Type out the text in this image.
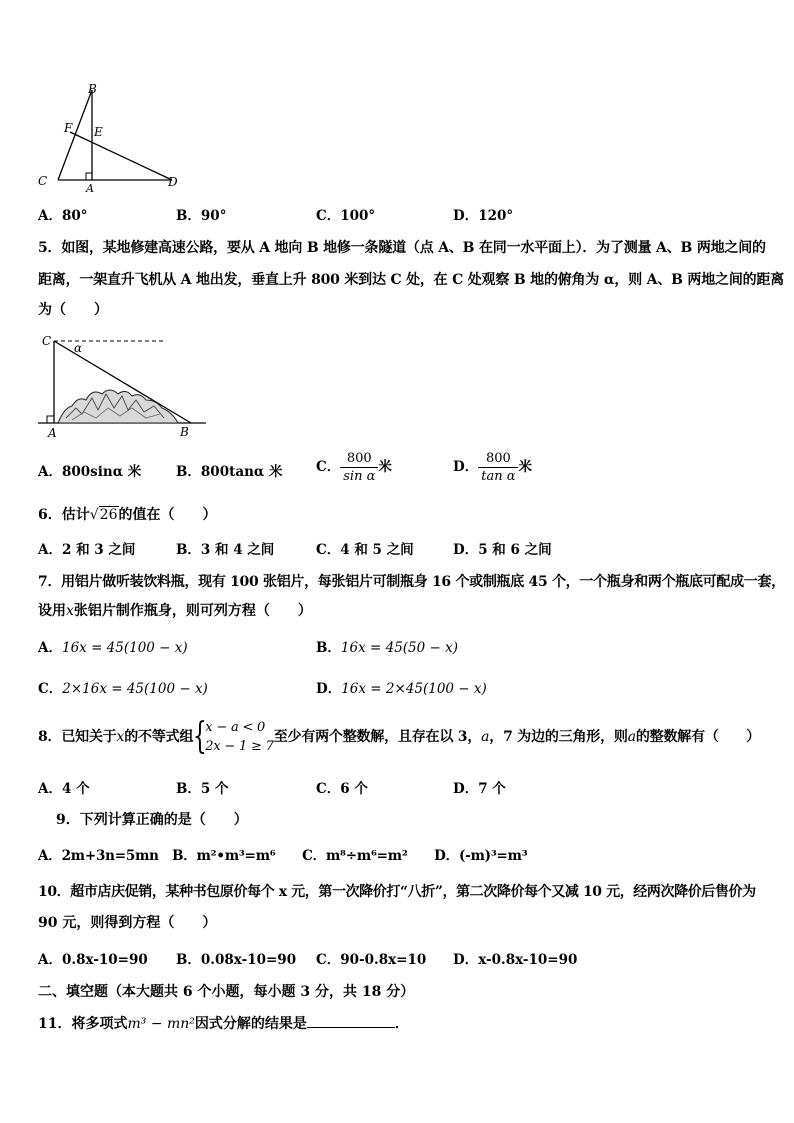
B
F E
C
A	D
A．80°	B．90°	C．100°	D．120°
5．如图，某地修建高速公路，要从 A 地向 B 地修一条隧道（点 A、B 在同一水平面上）．为了测量 A、B 两地之间的
距离，一架直升飞机从 A 地出发，垂直上升 800 米到达 C 处，在 C 处观察 B 地的俯角为 α，则 A、B 两地之间的距离
为（　　）
C α
A	B
A．800sinα 米	B．800tanα 米 C． $\frac{800}{\text{sin α}}$ 米	D． $\frac{800}{\text{tan α}}$ 米
6．估计√26的值在（　　）
A．2 和 3 之间	B．3 和 4 之间	C．4 和 5 之间	D．5 和 6 之间
7．用铝片做听装饮料瓶，现有 100 张铝片，每张铝片可制瓶身 16 个或制瓶底 45 个，一个瓶身和两个瓶底可配成一套，
设用x张铝片制作瓶身，则可列方程（　　）
A．16x = 45(100 − x)	B．16x = 45(50 − x)
C．2×16x = 45(100 − x)	D．16x = 2×45(100 − x)
8．已知关于x的不等式组 {
x − a < 0
2x − 1 ≥ 7
至少有两个整数解，且存在以 3，a，7 为边的三角形，则a的整数解有（　　）
A．4 个	B．5 个	C．6 个	D．7 个
9．下列计算正确的是（　　）
A．2m+3n=5mn　B．m²•m³=m⁶　　C．m⁸÷m⁶=m²　　D．(-m)³=m³
10．超市店庆促销，某种书包原价每个 x 元，第一次降价打“八折”，第二次降价每个又减 10 元，经两次降价后售价为
90 元，则得到方程（　　）
A．0.8x-10=90 B．0.08x-10=90 C．90-0.8x=10 D．x-0.8x-10=90
二、填空题（本大题共 6 个小题，每小题 3 分，共 18 分）
11．将多项式m³ − mn²因式分解的结果是	．
